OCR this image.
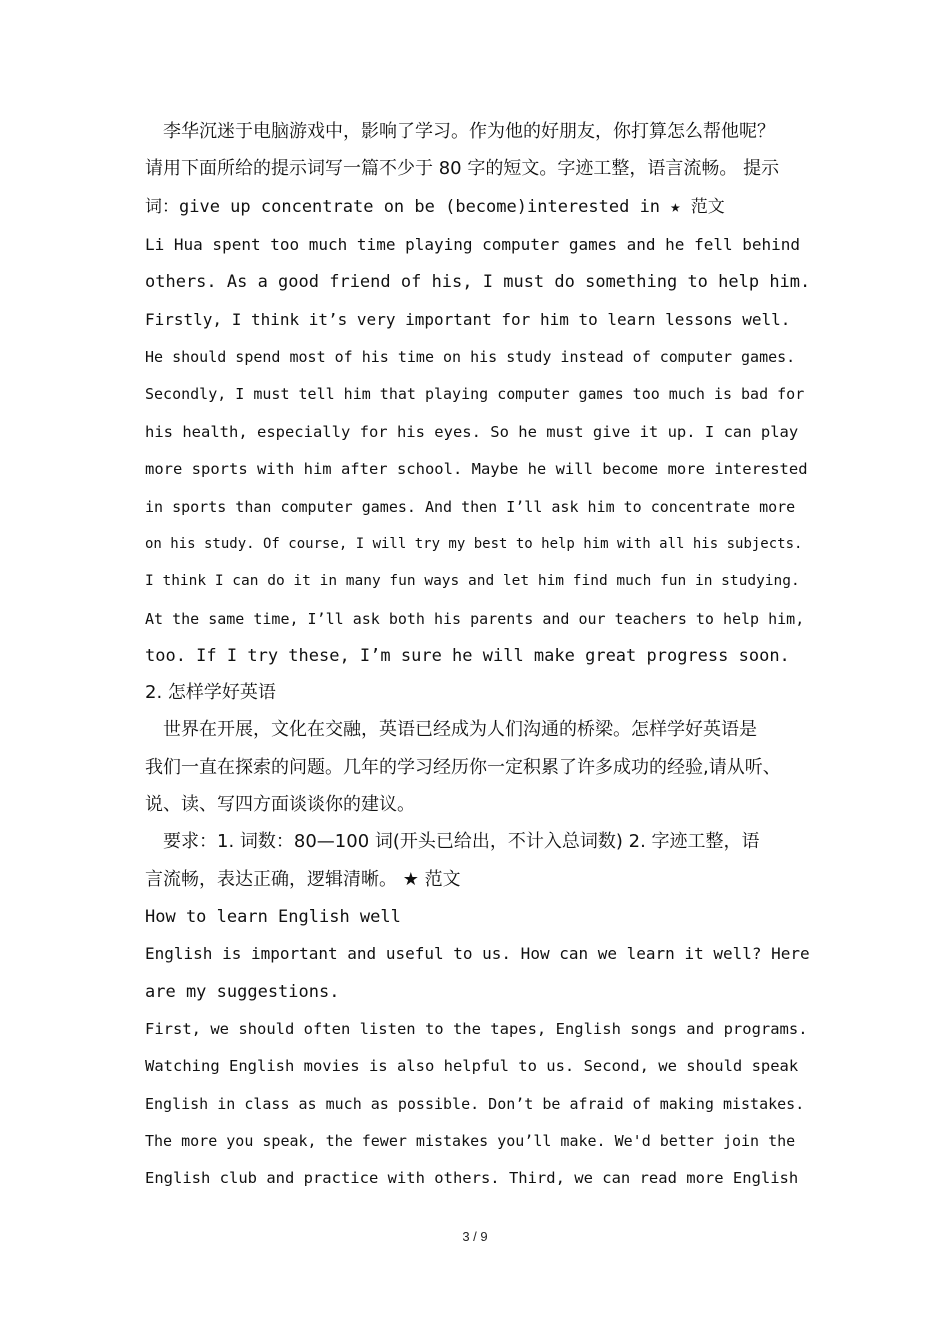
　李华沉迷于电脑游戏中，影响了学习。作为他的好朋友，你打算怎么帮他呢？
请用下面所给的提示词写一篇不少于 80 字的短文。字迹工整，语言流畅。 提示
词：give up concentrate on be (become)interested in ★ 范文
Li Hua spent too much time playing computer games and he fell behind
others. As a good friend of his, I must do something to help him.
Firstly, I think it’s very important for him to learn lessons well.
He should spend most of his time on his study instead of computer games.
Secondly, I must tell him that playing computer games too much is bad for
his health, especially for his eyes. So he must give it up. I can play
more sports with him after school. Maybe he will become more interested
in sports than computer games. And then I’ll ask him to concentrate more
on his study. Of course, I will try my best to help him with all his subjects.
I think I can do it in many fun ways and let him find much fun in studying.
At the same time, I’ll ask both his parents and our teachers to help him,
too. If I try these, I’m sure he will make great progress soon.
2. 怎样学好英语
　世界在开展，文化在交融，英语已经成为人们沟通的桥梁。怎样学好英语是
我们一直在探索的问题。几年的学习经历你一定积累了许多成功的经验,请从听、
说、读、写四方面谈谈你的建议。
　要求：1. 词数：80—100 词(开头已给出，不计入总词数) 2. 字迹工整，语
言流畅，表达正确，逻辑清晰。 ★ 范文
How to learn English well
English is important and useful to us. How can we learn it well? Here
are my suggestions.
First, we should often listen to the tapes, English songs and programs.
Watching English movies is also helpful to us. Second, we should speak
English in class as much as possible. Don’t be afraid of making mistakes.
The more you speak, the fewer mistakes you’ll make. We'd better join the
English club and practice with others. Third, we can read more English
3 / 9
